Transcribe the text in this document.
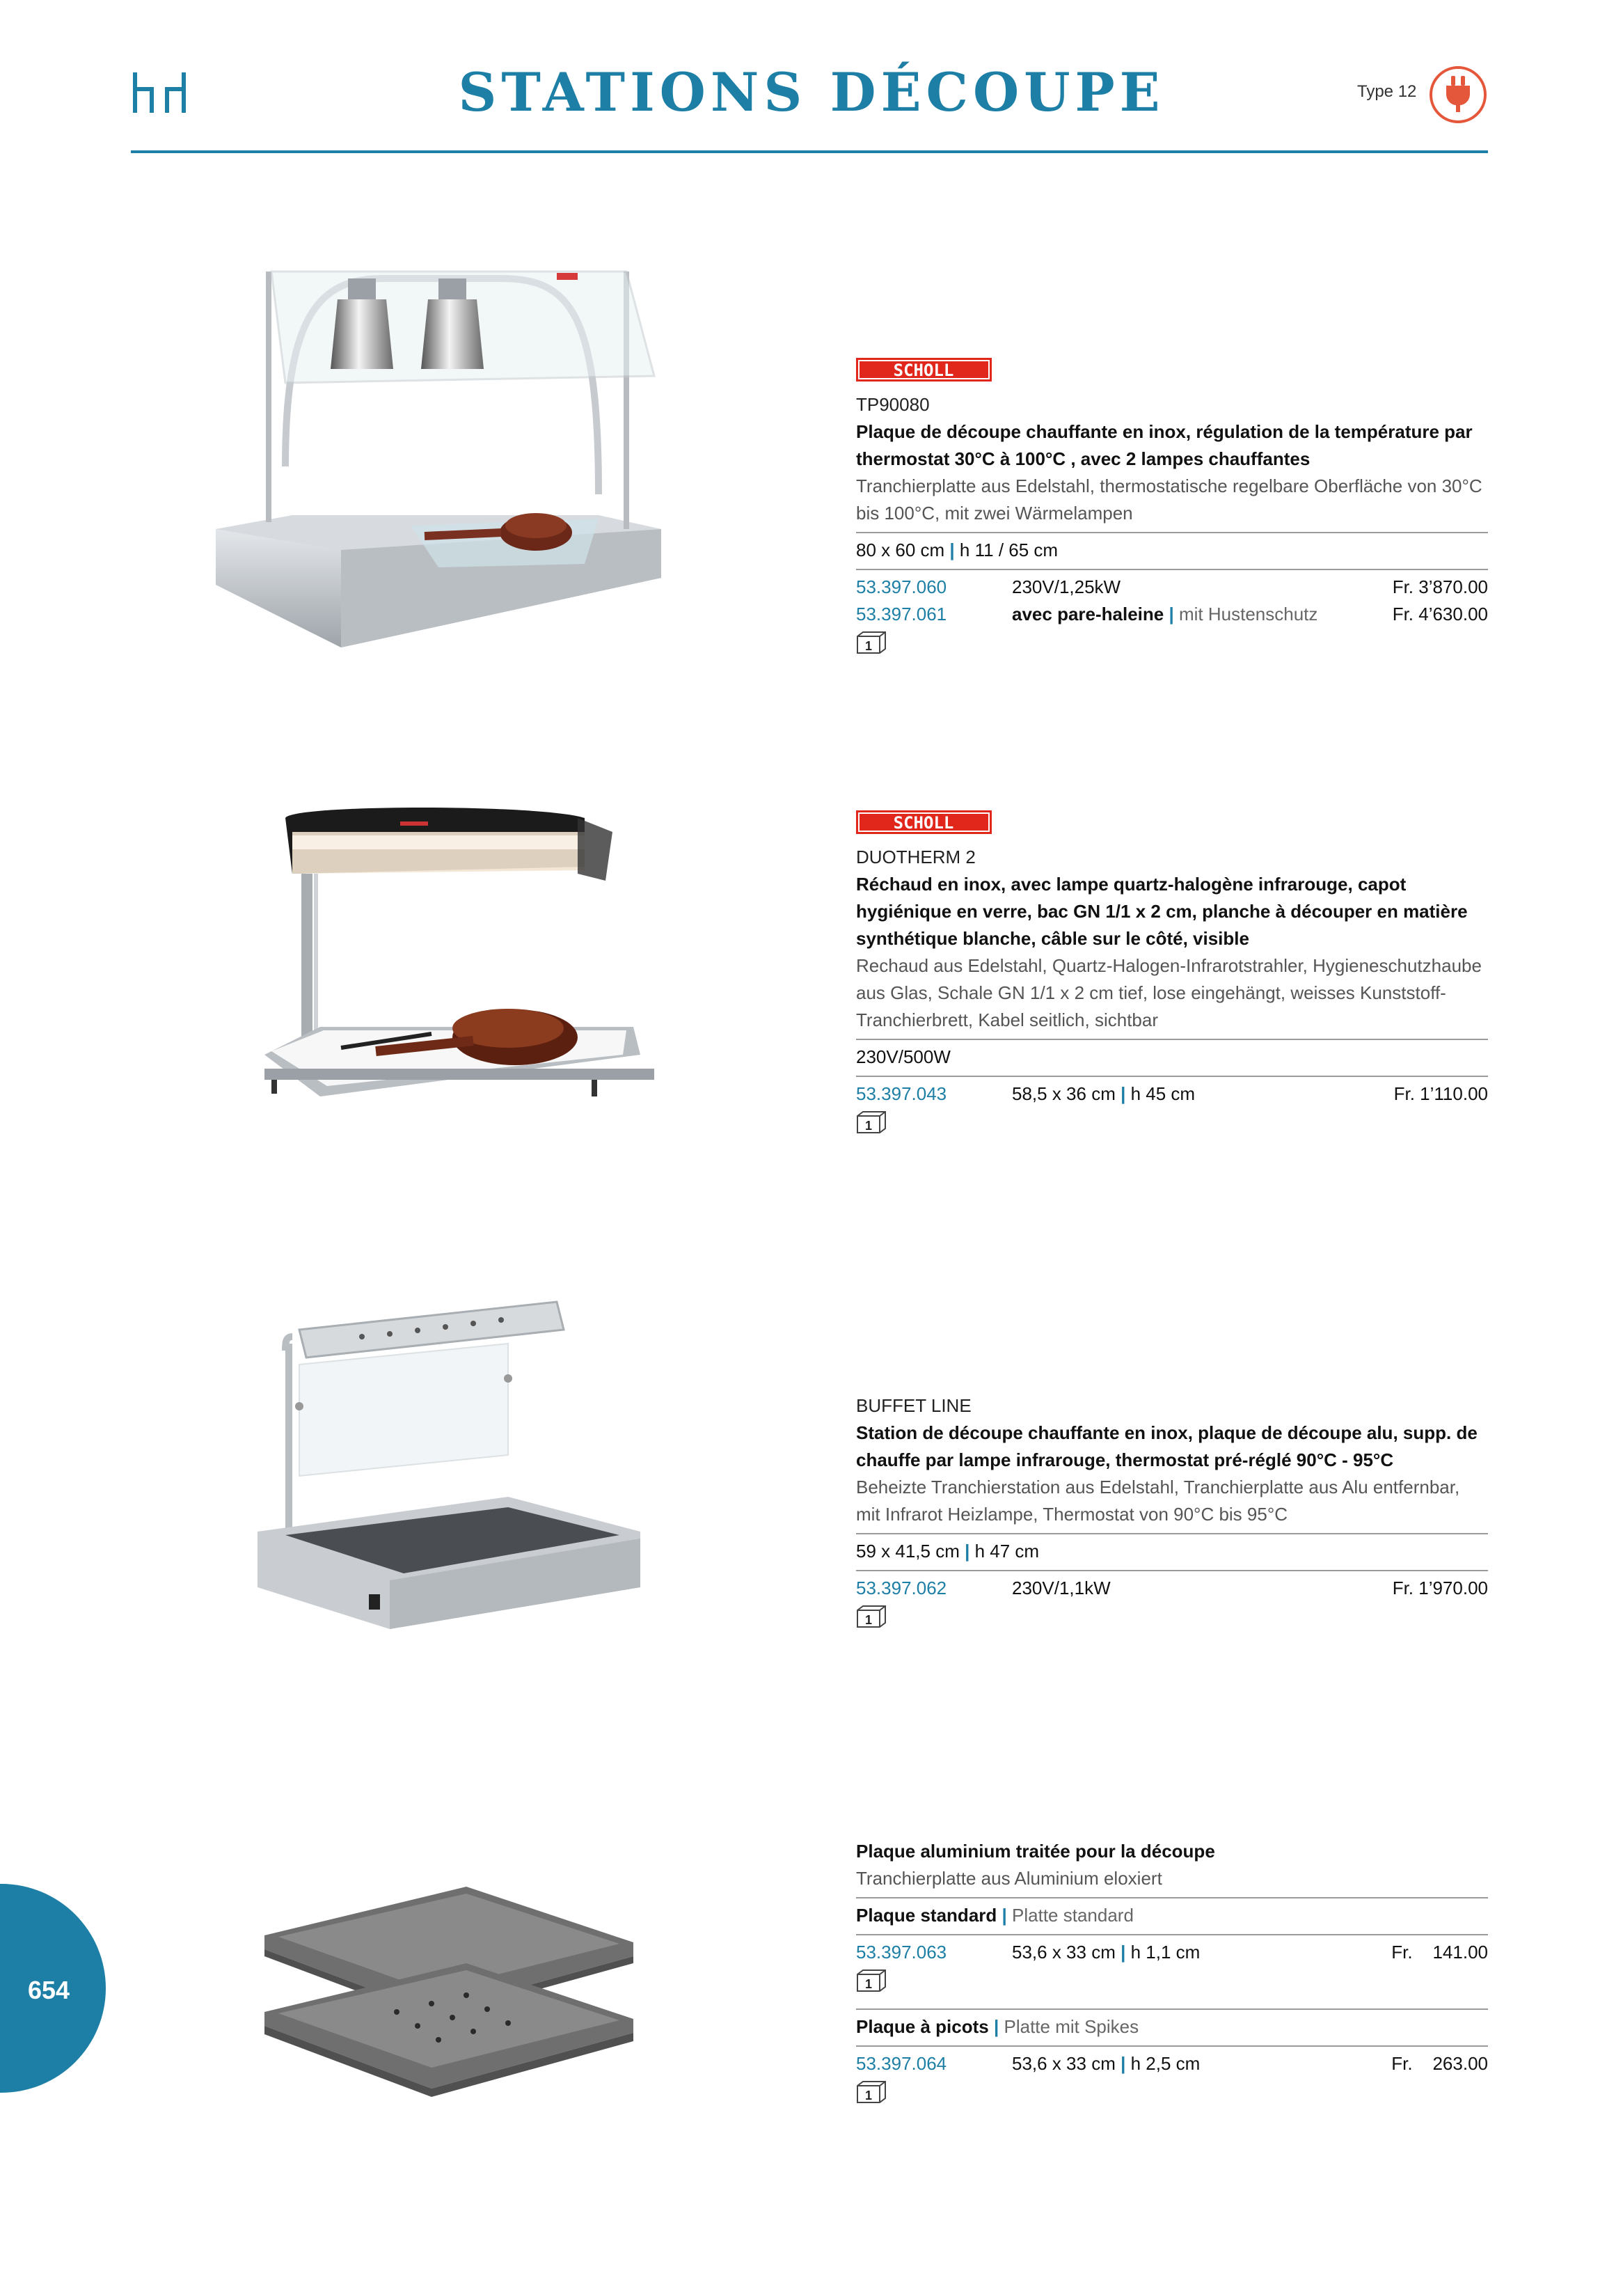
STATIONS DÉCOUPE	Type 12
SCHOLL
TP90080
Plaque de découpe chauffante en inox, régulation de la température par thermostat 30°C à 100°C , avec 2 lampes chauffantes
Tranchierplatte aus Edelstahl, thermostatische regelbare Oberfläche von 30°C bis 100°C, mit zwei Wärmelampen
80 x 60 cm | h 11 / 65 cm
53.397.060	230V/1,25kW	Fr. 3’870.00
53.397.061	avec pare-haleine | mit Hustenschutz	Fr. 4’630.00
1
SCHOLL
DUOTHERM 2
Réchaud en inox, avec lampe quartz-halogène infrarouge, capot hygiénique en verre, bac GN 1/1 x 2 cm, planche à découper en matière synthétique blanche, câble sur le côté, visible
Rechaud aus Edelstahl, Quartz-Halogen-Infrarotstrahler, Hygieneschutzhaube aus Glas, Schale GN 1/1 x 2 cm tief, lose eingehängt, weisses Kunststoff-Tranchierbrett, Kabel seitlich, sichtbar
230V/500W
53.397.043	58,5 x 36 cm | h 45 cm	Fr. 1’110.00
1
BUFFET LINE
Station de découpe chauffante en inox, plaque de découpe alu, supp. de chauffe par lampe infrarouge, thermostat pré-réglé 90°C - 95°C
Beheizte Tranchierstation aus Edelstahl, Tranchierplatte aus Alu entfernbar, mit Infrarot Heizlampe, Thermostat von 90°C bis 95°C
59 x 41,5 cm | h 47 cm
53.397.062	230V/1,1kW	Fr. 1’970.00
1
Plaque aluminium traitée pour la découpe
Tranchierplatte aus Aluminium eloxiert
Plaque standard | Platte standard
53.397.063	53,6 x 33 cm | h 1,1 cm	Fr. 141.00
1
Plaque à picots | Platte mit Spikes
53.397.064	53,6 x 33 cm | h 2,5 cm	Fr. 263.00
1
654
